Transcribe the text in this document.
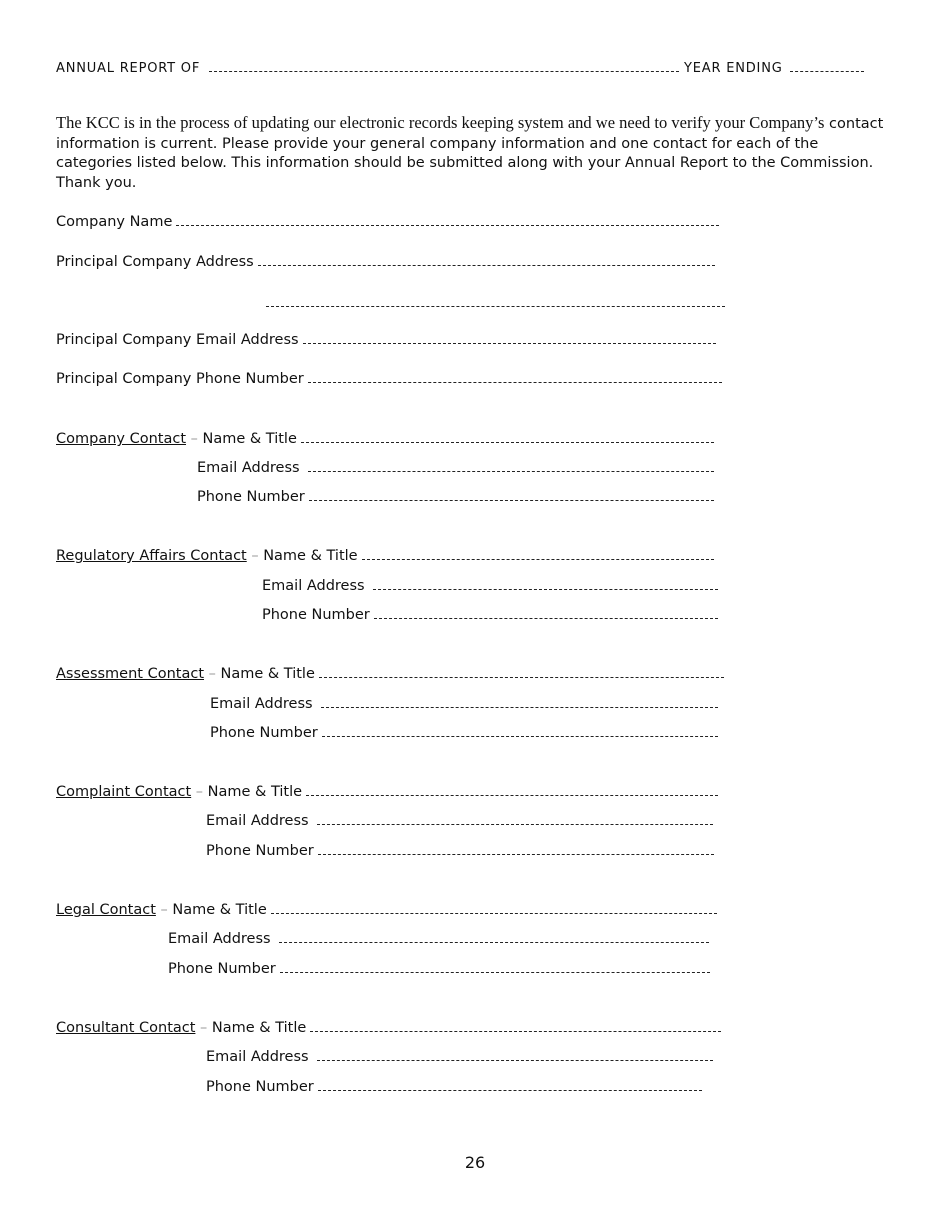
ANNUAL REPORT OF	YEAR ENDING
The KCC is in the process of updating our electronic records keeping system and we need to verify your Company’s contact information is current. Please provide your general company information and one contact for each of the categories listed below. This information should be submitted along with your Annual Report to the Commission. Thank you.
Company Name
Principal Company Address
Principal Company Email Address
Principal Company Phone Number
Company Contact – Name & Title
Email Address
Phone Number
Regulatory Affairs Contact – Name & Title
Email Address
Phone Number
Assessment Contact – Name & Title
Email Address
Phone Number
Complaint Contact – Name & Title
Email Address
Phone Number
Legal Contact – Name & Title
Email Address
Phone Number
Consultant Contact – Name & Title
Email Address
Phone Number
26
